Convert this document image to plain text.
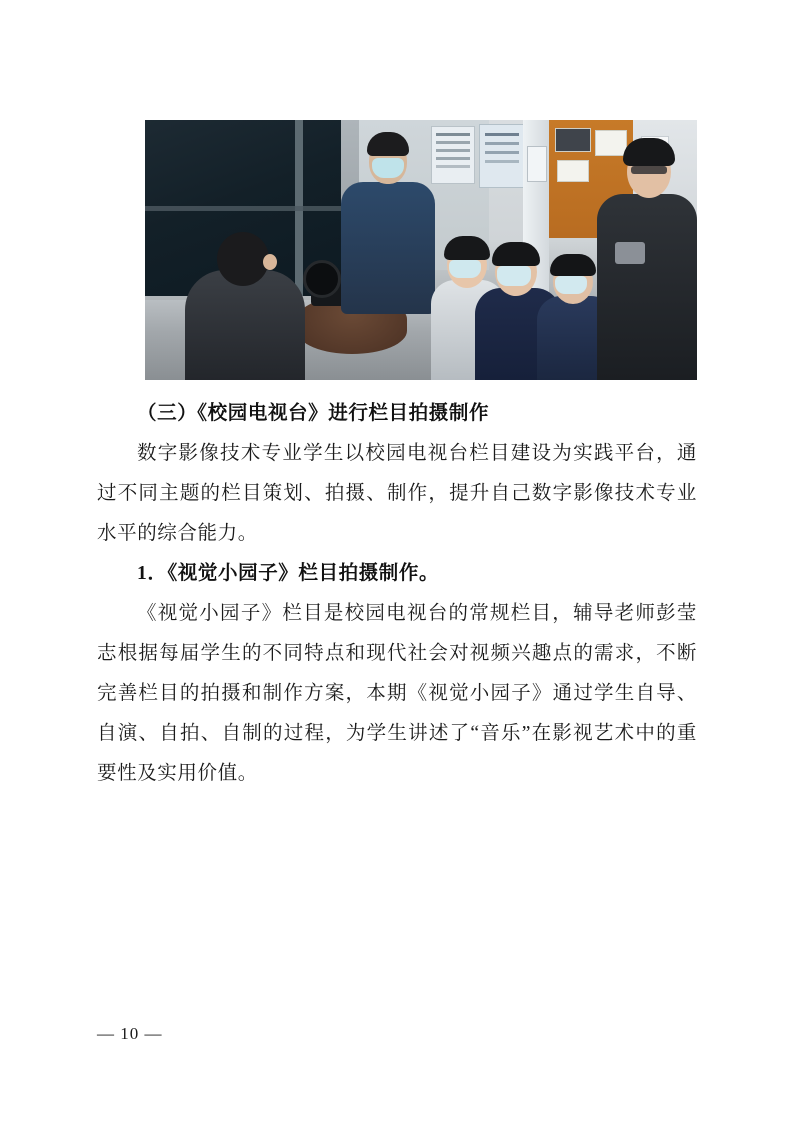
（三）《校园电视台》进行栏目拍摄制作

数字影像技术专业学生以校园电视台栏目建设为实践平台，通过不同主题的栏目策划、拍摄、制作，提升自己数字影像技术专业水平的综合能力。

1．《视觉小园子》栏目拍摄制作。

《视觉小园子》栏目是校园电视台的常规栏目，辅导老师彭莹志根据每届学生的不同特点和现代社会对视频兴趣点的需求，不断完善栏目的拍摄和制作方案，本期《视觉小园子》通过学生自导、自演、自拍、自制的过程，为学生讲述了“音乐”在影视艺术中的重要性及实用价值。

— 10 —
